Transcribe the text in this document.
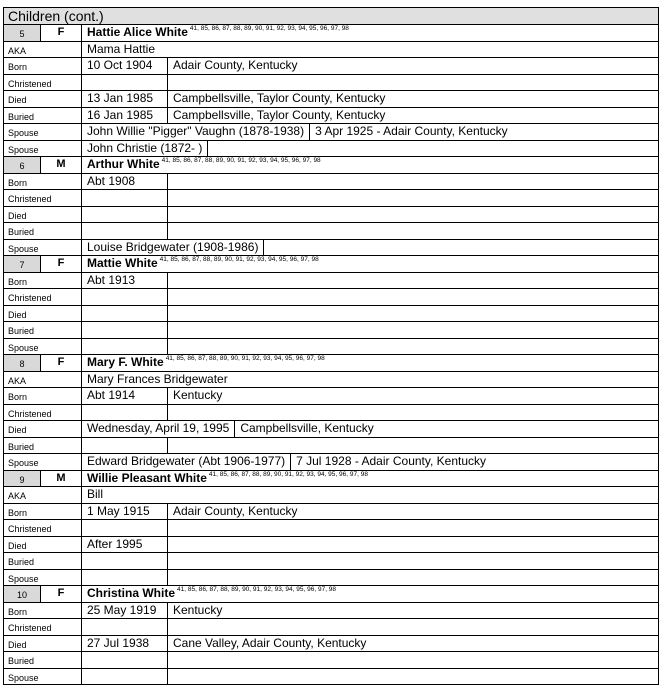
Children (cont.)
5	F	Hattie Alice White $^{41, 85, 86, 87, 88, 89, 90, 91, 92, 93, 94, 95, 96, 97, 98}$
AKA	Mama Hattie
Born	10 Oct 1904	Adair County, Kentucky
Christened
Died	13 Jan 1985	Campbellsville, Taylor County, Kentucky
Buried	16 Jan 1985	Campbellsville, Taylor County, Kentucky
Spouse	John Willie "Pigger" Vaughn (1878-1938) 3 Apr 1925 - Adair County, Kentucky
Spouse	John Christie (1872- )
6	M	Arthur White $^{41, 85, 86, 87, 88, 89, 90, 91, 92, 93, 94, 95, 96, 97, 98}$
Born	Abt 1908
Christened
Died
Buried
Spouse	Louise Bridgewater (1908-1986)
7	F	Mattie White $^{41, 85, 86, 87, 88, 89, 90, 91, 92, 93, 94, 95, 96, 97, 98}$
Born	Abt 1913
Christened
Died
Buried
Spouse
8	F	Mary F. White $^{41, 85, 86, 87, 88, 89, 90, 91, 92, 93, 94, 95, 96, 97, 98}$
AKA	Mary Frances Bridgewater
Born	Abt 1914	Kentucky
Christened
Died	Wednesday, April 19, 1995 Campbellsville, Kentucky
Buried
Spouse	Edward Bridgewater (Abt 1906-1977) 7 Jul 1928 - Adair County, Kentucky
9	M	Willie Pleasant White $^{41, 85, 86, 87, 88, 89, 90, 91, 92, 93, 94, 95, 96, 97, 98}$
AKA	Bill
Born	1 May 1915	Adair County, Kentucky
Christened
Died	After 1995
Buried
Spouse
10	F	Christina White $^{41, 85, 86, 87, 88, 89, 90, 91, 92, 93, 94, 95, 96, 97, 98}$
Born	25 May 1919	Kentucky
Christened
Died	27 Jul 1938	Cane Valley, Adair County, Kentucky
Buried
Spouse
